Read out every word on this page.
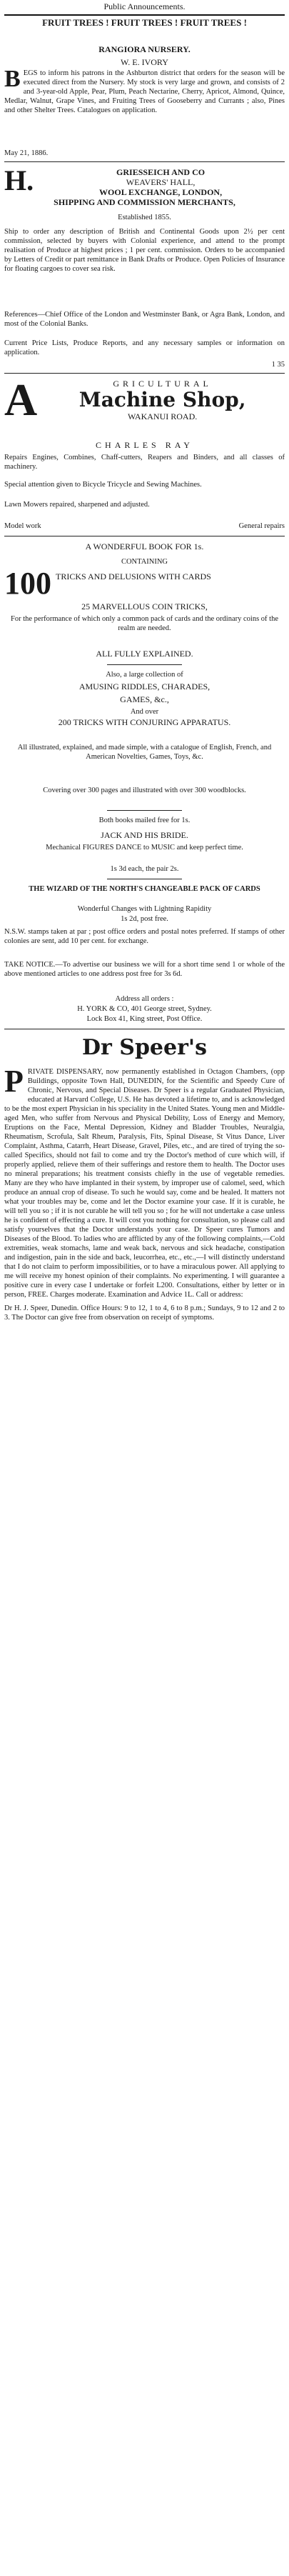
Public Announcements.
FRUIT TREES ! FRUIT TREES ! FRUIT TREES !
RANGIORA NURSERY.
W. E. IVORY
BEGS to inform his patrons in the Ashburton district that orders for the season will be executed direct from the Nursery. My stock is very large and grown, and consists of 2 and 3-year-old Apple, Pear, Plum, Peach Nectarine, Cherry, Apricot, Almond, Quince, Medlar, Walnut, Grape Vines, and Fruiting Trees of Gooseberry and Currants ; also, Pines and other Shelter Trees. Catalogues on application.
May 21, 1886.
H.	GRIESSEICH AND CO
WEAVERS' HALL,
WOOL EXCHANGE, LONDON,
SHIPPING AND COMMISSION MERCHANTS,
Established 1855.
Ship to order any description of British and Continental Goods upon 2½ per cent commission, selected by buyers with Colonial experience, and attend to the prompt realisation of Produce at highest prices ; 1 per cent. commission. Orders to be accompanied by Letters of Credit or part remittance in Bank Drafts or Produce. Open Policies of Insurance for floating cargoes to cover sea risk.
References—Chief Office of the London and Westminster Bank, or Agra Bank, London, and most of the Colonial Banks.
Current Price Lists, Produce Reports, and any necessary samples or information on application.
1 35
A	GRICULTURAL
Machine Shop,
WAKANUI ROAD.
CHARLES RAY
Repairs Engines, Combines, Chaff-cutters, Reapers and Binders, and all classes of machinery.
Special attention given to Bicycle Tricycle and Sewing Machines.
Lawn Mowers repaired, sharpened and adjusted.
Model work	General repairs
A WONDERFUL BOOK FOR 1s.
CONTAINING
100 TRICKS AND DELUSIONS WITH CARDS
25 MARVELLOUS COIN TRICKS,
For the performance of which only a common pack of cards and the ordinary coins of the realm are needed.
ALL FULLY EXPLAINED.
Also, a large collection of
AMUSING RIDDLES, CHARADES,
GAMES, &c.,
And over
200 TRICKS WITH CONJURING APPARATUS.
All illustrated, explained, and made simple, with a catalogue of English, French, and American Novelties, Games, Toys, &c.
Covering over 300 pages and illustrated with over 300 woodblocks.
Both books mailed free for 1s.
JACK AND HIS BRIDE.
Mechanical FIGURES DANCE to MUSIC and keep perfect time.
1s 3d each, the pair 2s.
THE WIZARD OF THE NORTH'S CHANGEABLE PACK OF CARDS
Wonderful Changes with Lightning Rapidity
1s 2d, post free.
N.S.W. stamps taken at par ; post office orders and postal notes preferred. If stamps of other colonies are sent, add 10 per cent. for exchange.
TAKE NOTICE.—To advertise our business we will for a short time send 1 or whole of the above mentioned articles to one address post free for 3s 6d.
Address all orders :
H. YORK & CO, 401 George street, Sydney.
Lock Box 41, King street, Post Office.
Dr Speer's
PRIVATE DISPENSARY, now permanently established in Octagon Chambers, (opp Buildings, opposite Town Hall, DUNEDIN, for the Scientific and Speedy Cure of Chronic, Nervous, and Special Diseases. Dr Speer is a regular Graduated Physician, educated at Harvard College, U.S. He has devoted a lifetime to, and is acknowledged to be the most expert Physician in his speciality in the United States. Young men and Middle-aged Men, who suffer from Nervous and Physical Debility, Loss of Energy and Memory, Eruptions on the Face, Mental Depression, Kidney and Bladder Troubles, Neuralgia, Rheumatism, Scrofula, Salt Rheum, Paralysis, Fits, Spinal Disease, St Vitus Dance, Liver Complaint, Asthma, Catarrh, Heart Disease, Gravel, Piles, etc., and are tired of trying the so-called Specifics, should not fail to come and try the Doctor's method of cure which will, if properly applied, relieve them of their sufferings and restore them to health. The Doctor uses no mineral preparations; his treatment consists chiefly in the use of vegetable remedies. Many are they who have implanted in their system, by improper use of calomel, seed, which produce an annual crop of disease. To such he would say, come and be healed. It matters not what your troubles may be, come and let the Doctor examine your case. If it is curable, he will tell you so ; if it is not curable he will tell you so ; for he will not undertake a case unless he is confident of effecting a cure. It will cost you nothing for consultation, so please call and satisfy yourselves that the Doctor understands your case. Dr Speer cures Tumors and Diseases of the Blood. To ladies who are afflicted by any of the following complaints,—Cold extremities, weak stomachs, lame and weak back, nervous and sick headache, constipation and indigestion, pain in the side and back, leucorrhea, etc., etc.,—I will distinctly understand that I do not claim to perform impossibilities, or to have a miraculous power. All applying to me will receive my honest opinion of their complaints. No experimenting. I will guarantee a positive cure in every case I undertake or forfeit L200. Consultations, either by letter or in person, FREE. Charges moderate. Examination and Advice 1L. Call or address:
Dr H. J. Speer, Dunedin. Office Hours: 9 to 12, 1 to 4, 6 to 8 p.m.; Sundays, 9 to 12 and 2 to 3. The Doctor can give free from observation on receipt of symptoms.
